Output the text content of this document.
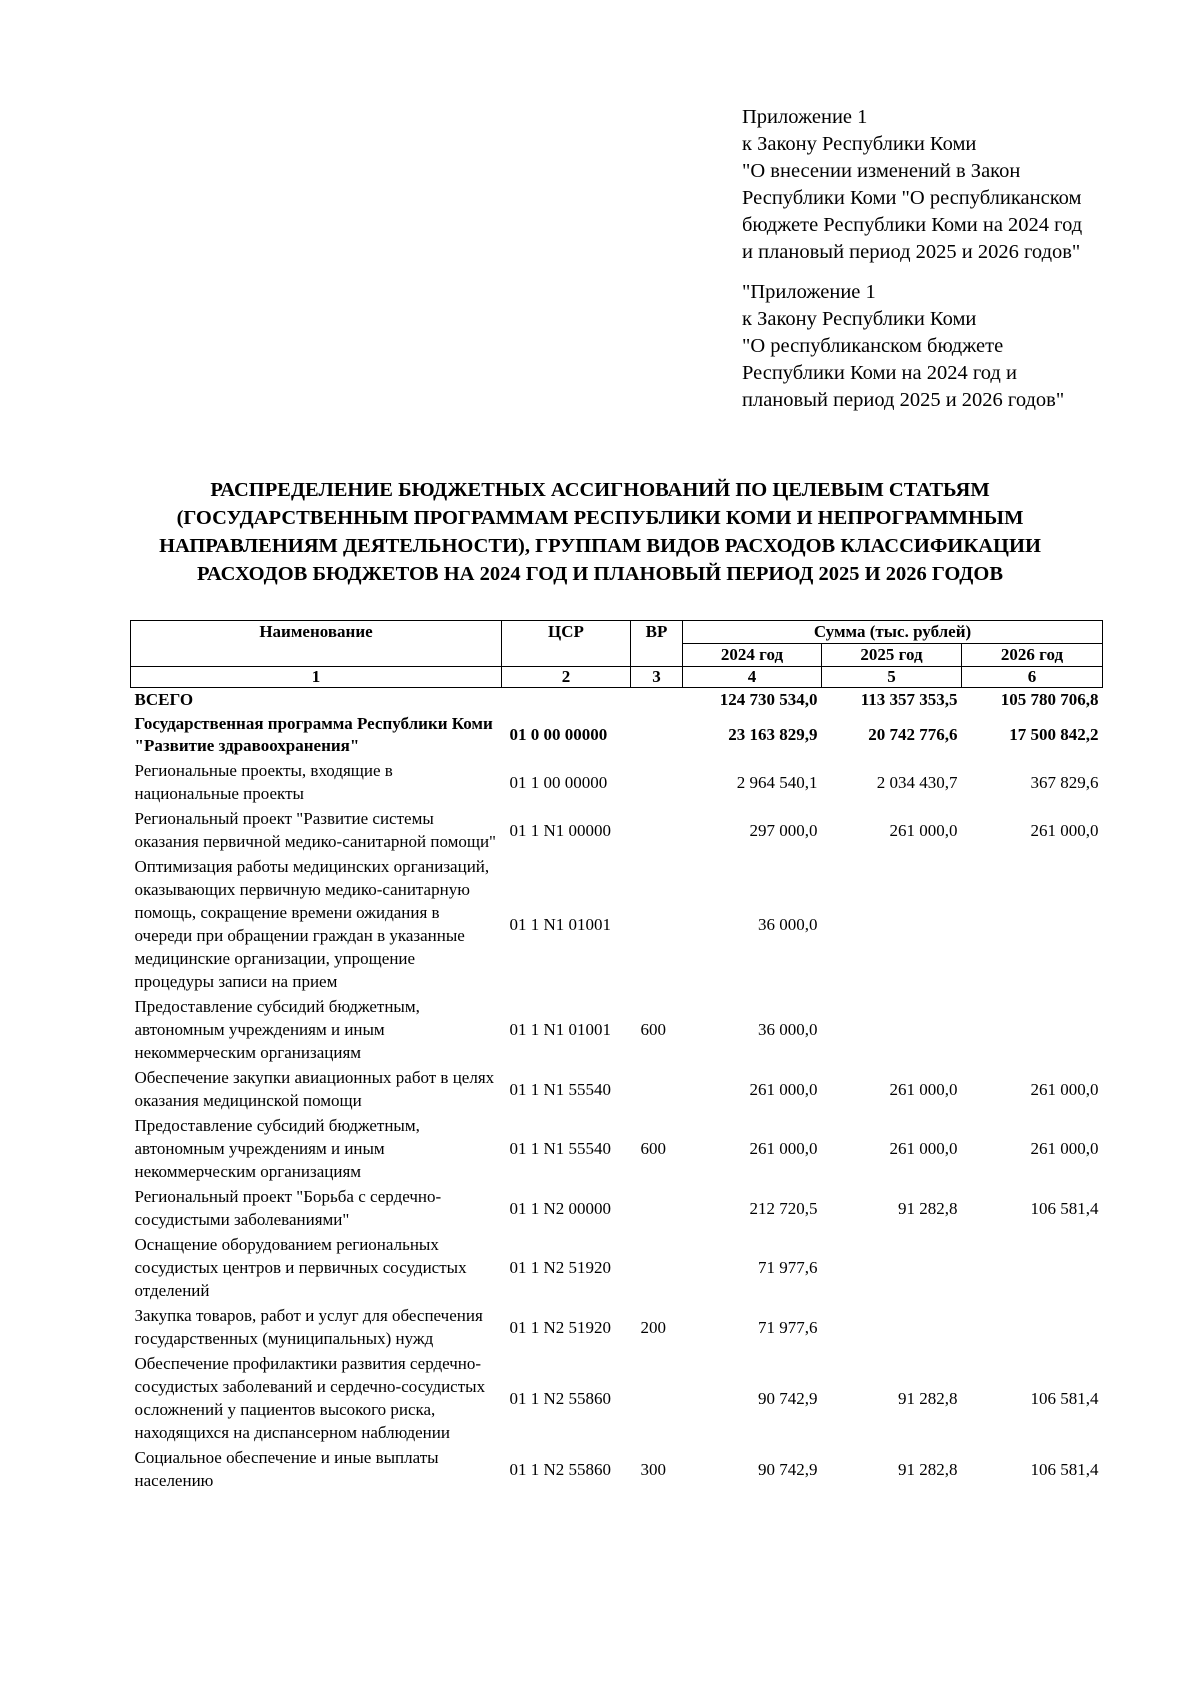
Приложение 1

к Закону Республики Коми

"О внесении изменений в Закон

Республики Коми "О республиканском

бюджете Республики Коми на 2024 год

и плановый период 2025 и 2026 годов"

"Приложение 1

к Закону Республики Коми

"О республиканском бюджете

Республики Коми на 2024 год и

плановый период 2025 и 2026 годов"

РАСПРЕДЕЛЕНИЕ БЮДЖЕТНЫХ АССИГНОВАНИЙ ПО ЦЕЛЕВЫМ СТАТЬЯМ
(ГОСУДАРСТВЕННЫМ ПРОГРАММАМ РЕСПУБЛИКИ КОМИ И НЕПРОГРАММНЫМ
НАПРАВЛЕНИЯМ ДЕЯТЕЛЬНОСТИ), ГРУППАМ ВИДОВ РАСХОДОВ КЛАССИФИКАЦИИ
РАСХОДОВ БЮДЖЕТОВ НА 2024 ГОД И ПЛАНОВЫЙ ПЕРИОД 2025 И 2026 ГОДОВ
Наименование	ЦСР	ВР	Сумма (тыс. рублей)		
			2024 год	2025 год	2026 год
1	2	3	4	5	6
ВСЕГО			124 730 534,0	113 357 353,5	105 780 706,8
Государственная программа Республики Коми "Развитие здравоохранения"	01 0 00 00000		23 163 829,9	20 742 776,6	17 500 842,2
Региональные проекты, входящие в национальные проекты	01 1 00 00000		2 964 540,1	2 034 430,7	367 829,6
Региональный проект "Развитие системы оказания первичной медико-санитарной помощи"	01 1 N1 00000		297 000,0	261 000,0	261 000,0
Оптимизация работы медицинских организаций, оказывающих первичную медико-санитарную помощь, сокращение времени ожидания в очереди при обращении граждан в указанные медицинские организации, упрощение процедуры записи на прием	01 1 N1 01001		36 000,0		
Предоставление субсидий бюджетным, автономным учреждениям и иным некоммерческим организациям	01 1 N1 01001	600	36 000,0		
Обеспечение закупки авиационных работ в целях оказания медицинской помощи	01 1 N1 55540		261 000,0	261 000,0	261 000,0
Предоставление субсидий бюджетным, автономным учреждениям и иным некоммерческим организациям	01 1 N1 55540	600	261 000,0	261 000,0	261 000,0
Региональный проект "Борьба с сердечно-сосудистыми заболеваниями"	01 1 N2 00000		212 720,5	91 282,8	106 581,4
Оснащение оборудованием региональных сосудистых центров и первичных сосудистых отделений	01 1 N2 51920		71 977,6		
Закупка товаров, работ и услуг для обеспечения государственных (муниципальных) нужд	01 1 N2 51920	200	71 977,6		
Обеспечение профилактики развития сердечно-сосудистых заболеваний и сердечно-сосудистых осложнений у пациентов высокого риска, находящихся на диспансерном наблюдении	01 1 N2 55860		90 742,9	91 282,8	106 581,4
Социальное обеспечение и иные выплаты населению	01 1 N2 55860	300	90 742,9	91 282,8	106 581,4
